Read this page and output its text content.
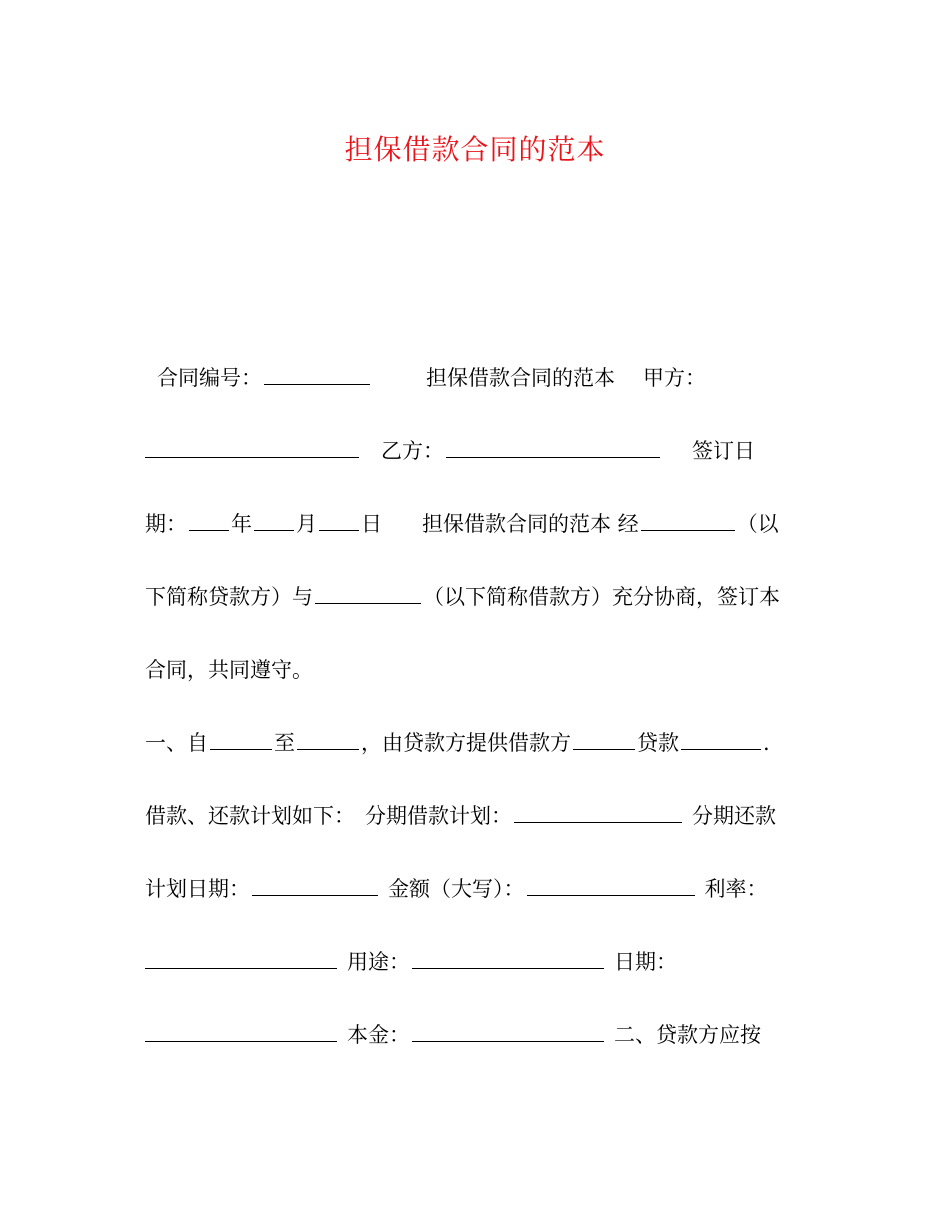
担保借款合同的范本
合同编号：	担保借款合同的范本 甲方：
乙方：	签订日
期： 年 月 日 担保借款合同的范本 经	（以
下简称贷款方）与	（以下简称借款方）充分协商，签订本
合同，共同遵守。
一、自	至	，由贷款方提供借款方	贷款	.
借款、还款计划如下： 分期借款计划：	分期还款
计划日期：	金额（大写）：	利率：
用途：	日期：
本金：	二、贷款方应按
